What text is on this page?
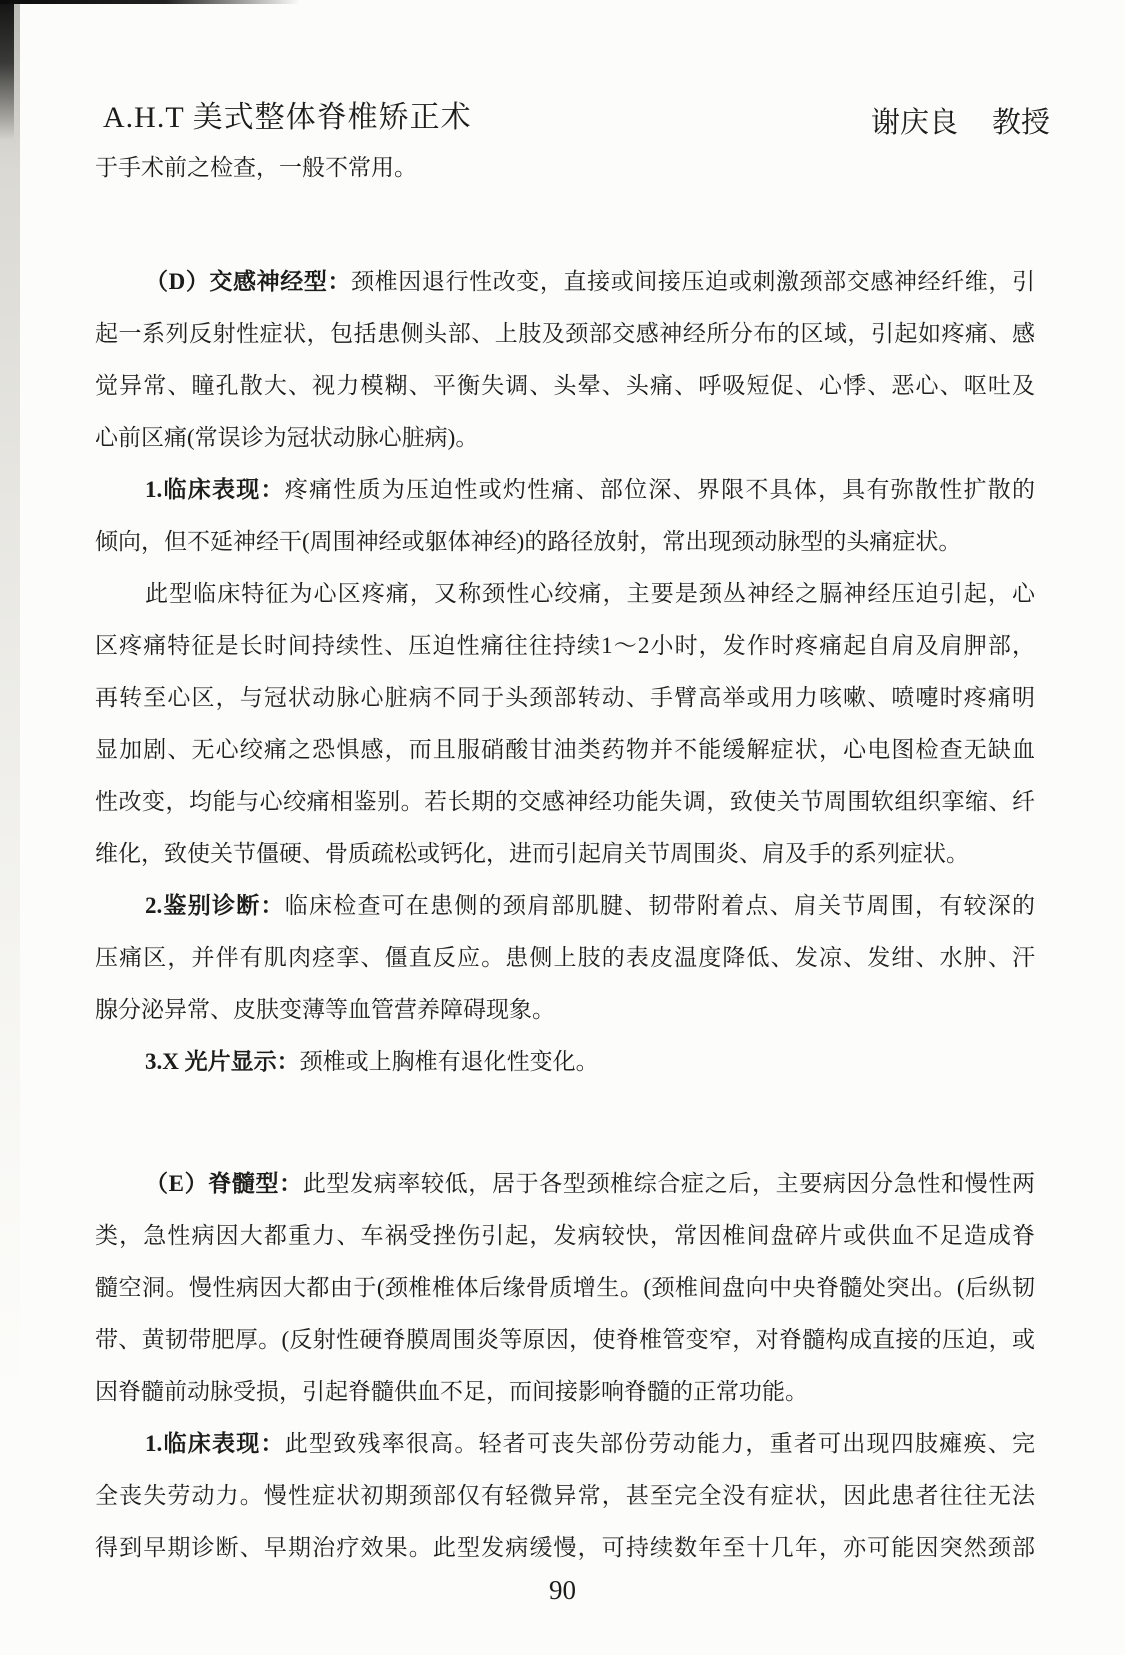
A.H.T 美式整体脊椎矫正术	谢庆良 教授
于手术前之检查，一般不常用。
（D）交感神经型：颈椎因退行性改变，直接或间接压迫或刺激颈部交感神经纤维，引
起一系列反射性症状，包括患侧头部、上肢及颈部交感神经所分布的区域，引起如疼痛、感
觉异常、瞳孔散大、视力模糊、平衡失调、头晕、头痛、呼吸短促、心悸、恶心、呕吐及
心前区痛(常误诊为冠状动脉心脏病)。
1.临床表现：疼痛性质为压迫性或灼性痛、部位深、界限不具体，具有弥散性扩散的
倾向，但不延神经干(周围神经或躯体神经)的路径放射，常出现颈动脉型的头痛症状。
此型临床特征为心区疼痛，又称颈性心绞痛，主要是颈丛神经之膈神经压迫引起，心
区疼痛特征是长时间持续性、压迫性痛往往持续1～2小时，发作时疼痛起自肩及肩胛部，
再转至心区，与冠状动脉心脏病不同于头颈部转动、手臂高举或用力咳嗽、喷嚏时疼痛明
显加剧、无心绞痛之恐惧感，而且服硝酸甘油类药物并不能缓解症状，心电图检查无缺血
性改变，均能与心绞痛相鉴别。若长期的交感神经功能失调，致使关节周围软组织挛缩、纤
维化，致使关节僵硬、骨质疏松或钙化，进而引起肩关节周围炎、肩及手的系列症状。
2.鉴别诊断：临床检查可在患侧的颈肩部肌腱、韧带附着点、肩关节周围，有较深的
压痛区，并伴有肌肉痉挛、僵直反应。患侧上肢的表皮温度降低、发凉、发绀、水肿、汗
腺分泌异常、皮肤变薄等血管营养障碍现象。
3.X 光片显示：颈椎或上胸椎有退化性变化。
（E）脊髓型：此型发病率较低，居于各型颈椎综合症之后，主要病因分急性和慢性两
类，急性病因大都重力、车祸受挫伤引起，发病较快，常因椎间盘碎片或供血不足造成脊
髓空洞。慢性病因大都由于(颈椎椎体后缘骨质增生。(颈椎间盘向中央脊髓处突出。(后纵韧
带、黄韧带肥厚。(反射性硬脊膜周围炎等原因，使脊椎管变窄，对脊髓构成直接的压迫，或
因脊髓前动脉受损，引起脊髓供血不足，而间接影响脊髓的正常功能。
1.临床表现：此型致残率很高。轻者可丧失部份劳动能力，重者可出现四肢瘫痪、完
全丧失劳动力。慢性症状初期颈部仅有轻微异常，甚至完全没有症状，因此患者往往无法
得到早期诊断、早期治疗效果。此型发病缓慢，可持续数年至十几年，亦可能因突然颈部
90
